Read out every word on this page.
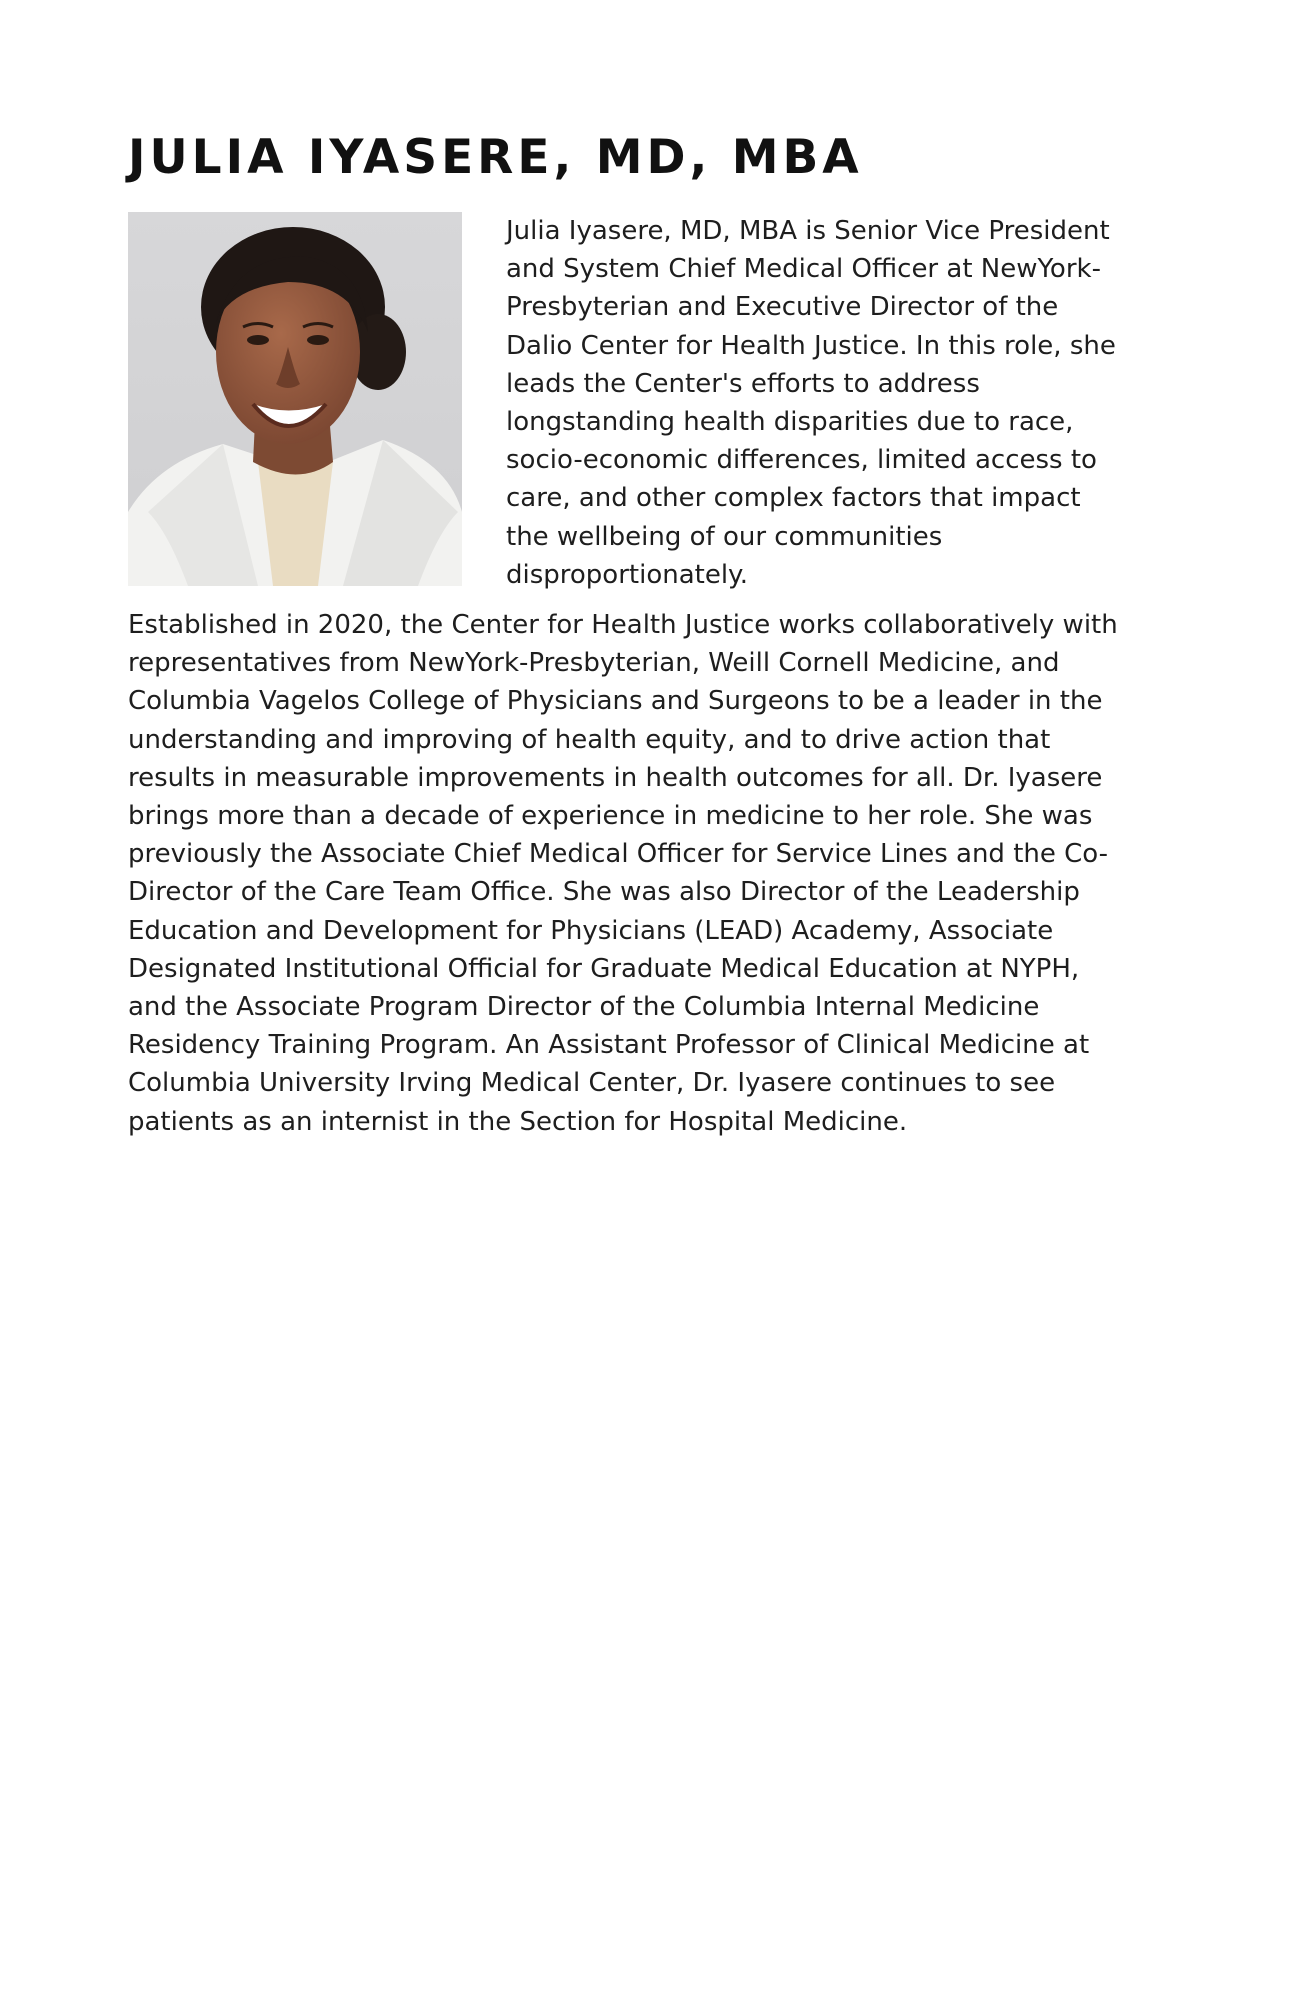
JULIA IYASERE, MD, MBA

Julia Iyasere, MD, MBA is Senior Vice President
and System Chief Medical Officer at NewYork-
Presbyterian and Executive Director of the
Dalio Center for Health Justice. In this role, she
leads the Center's efforts to address
longstanding health disparities due to race,
socio-economic differences, limited access to
care, and other complex factors that impact
the wellbeing of our communities
disproportionately.

Established in 2020, the Center for Health Justice works collaboratively with
representatives from NewYork-Presbyterian, Weill Cornell Medicine, and
Columbia Vagelos College of Physicians and Surgeons to be a leader in the
understanding and improving of health equity, and to drive action that
results in measurable improvements in health outcomes for all. Dr. Iyasere
brings more than a decade of experience in medicine to her role. She was
previously the Associate Chief Medical Officer for Service Lines and the Co-
Director of the Care Team Office. She was also Director of the Leadership
Education and Development for Physicians (LEAD) Academy, Associate
Designated Institutional Official for Graduate Medical Education at NYPH,
and the Associate Program Director of the Columbia Internal Medicine
Residency Training Program. An Assistant Professor of Clinical Medicine at
Columbia University Irving Medical Center, Dr. Iyasere continues to see
patients as an internist in the Section for Hospital Medicine.
